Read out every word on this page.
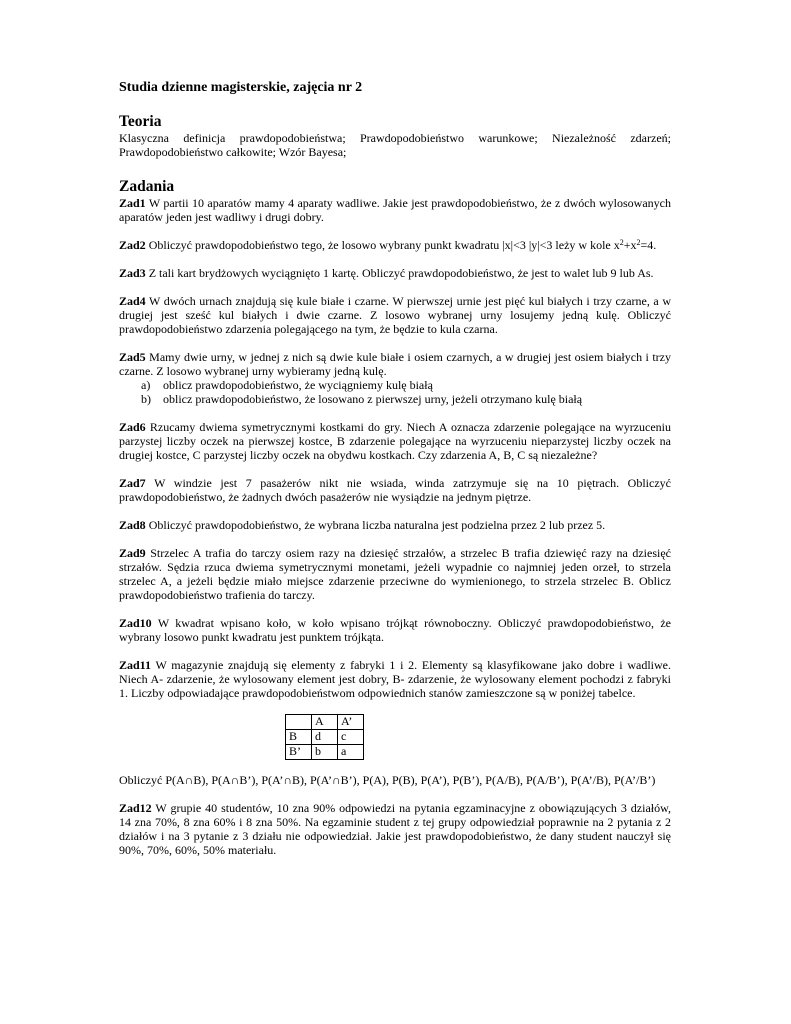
Studia dzienne magisterskie, zajęcia nr 2

Teoria

Klasyczna definicja prawdopodobieństwa; Prawdopodobieństwo warunkowe; Niezależność zdarzeń; Prawdopodobieństwo całkowite; Wzór Bayesa;

Zadania

Zad1 W partii 10 aparatów mamy 4 aparaty wadliwe. Jakie jest prawdopodobieństwo, że z dwóch wylosowanych aparatów jeden jest wadliwy i drugi dobry.

Zad2 Obliczyć prawdopodobieństwo tego, że losowo wybrany punkt kwadratu |x|<3 |y|<3 leży w kole $x^2+x^2=4$.

Zad3 Z tali kart brydżowych wyciągnięto 1 kartę. Obliczyć prawdopodobieństwo, że jest to walet lub 9 lub As.

Zad4 W dwóch urnach znajdują się kule białe i czarne. W pierwszej urnie jest pięć kul białych i trzy czarne, a w drugiej jest sześć kul białych i dwie czarne. Z losowo wybranej urny losujemy jedną kulę. Obliczyć prawdopodobieństwo zdarzenia polegającego na tym, że będzie to kula czarna.

Zad5 Mamy dwie urny, w jednej z nich są dwie kule białe i osiem czarnych, a w drugiej jest osiem białych i trzy czarne. Z losowo wybranej urny wybieramy jedną kulę.

a) oblicz prawdopodobieństwo, że wyciągniemy kulę białą
b) oblicz prawdopodobieństwo, że losowano z pierwszej urny, jeżeli otrzymano kulę białą

Zad6 Rzucamy dwiema symetrycznymi kostkami do gry. Niech A oznacza zdarzenie polegające na wyrzuceniu parzystej liczby oczek na pierwszej kostce, B zdarzenie polegające na wyrzuceniu nieparzystej liczby oczek na drugiej kostce, C parzystej liczby oczek na obydwu kostkach. Czy zdarzenia A, B, C są niezależne?

Zad7 W windzie jest 7 pasażerów nikt nie wsiada, winda zatrzymuje się na 10 piętrach. Obliczyć prawdopodobieństwo, że żadnych dwóch pasażerów nie wysiądzie na jednym piętrze.

Zad8 Obliczyć prawdopodobieństwo, że wybrana liczba naturalna jest podzielna przez 2 lub przez 5.

Zad9 Strzelec A trafia do tarczy osiem razy na dziesięć strzałów, a strzelec B trafia dziewięć razy na dziesięć strzałów. Sędzia rzuca dwiema symetrycznymi monetami, jeżeli wypadnie co najmniej jeden orzeł, to strzela strzelec A, a jeżeli będzie miało miejsce zdarzenie przeciwne do wymienionego, to strzela strzelec B. Oblicz prawdopodobieństwo trafienia do tarczy.

Zad10 W kwadrat wpisano koło, w koło wpisano trójkąt równoboczny. Obliczyć prawdopodobieństwo, że wybrany losowo punkt kwadratu jest punktem trójkąta.

Zad11 W magazynie znajdują się elementy z fabryki 1 i 2. Elementy są klasyfikowane jako dobre i wadliwe. Niech A- zdarzenie, że wylosowany element jest dobry, B- zdarzenie, że wylosowany element pochodzi z fabryki 1. Liczby odpowiadające prawdopodobieństwom odpowiednich stanów zamieszczone są w poniżej tabelce.

	A	A’
B	d	c
B’	b	a

Obliczyć P(A∩B), P(A∩B’), P(A’∩B), P(A’∩B’), P(A), P(B), P(A’), P(B’), P(A/B), P(A/B’), P(A’/B), P(A’/B’)

Zad12 W grupie 40 studentów, 10 zna 90% odpowiedzi na pytania egzaminacyjne z obowiązujących 3 działów, 14 zna 70%, 8 zna 60% i 8 zna 50%. Na egzaminie student z tej grupy odpowiedział poprawnie na 2 pytania z 2 działów i na 3 pytanie z 3 działu nie odpowiedział. Jakie jest prawdopodobieństwo, że dany student nauczył się 90%, 70%, 60%, 50% materiału.
